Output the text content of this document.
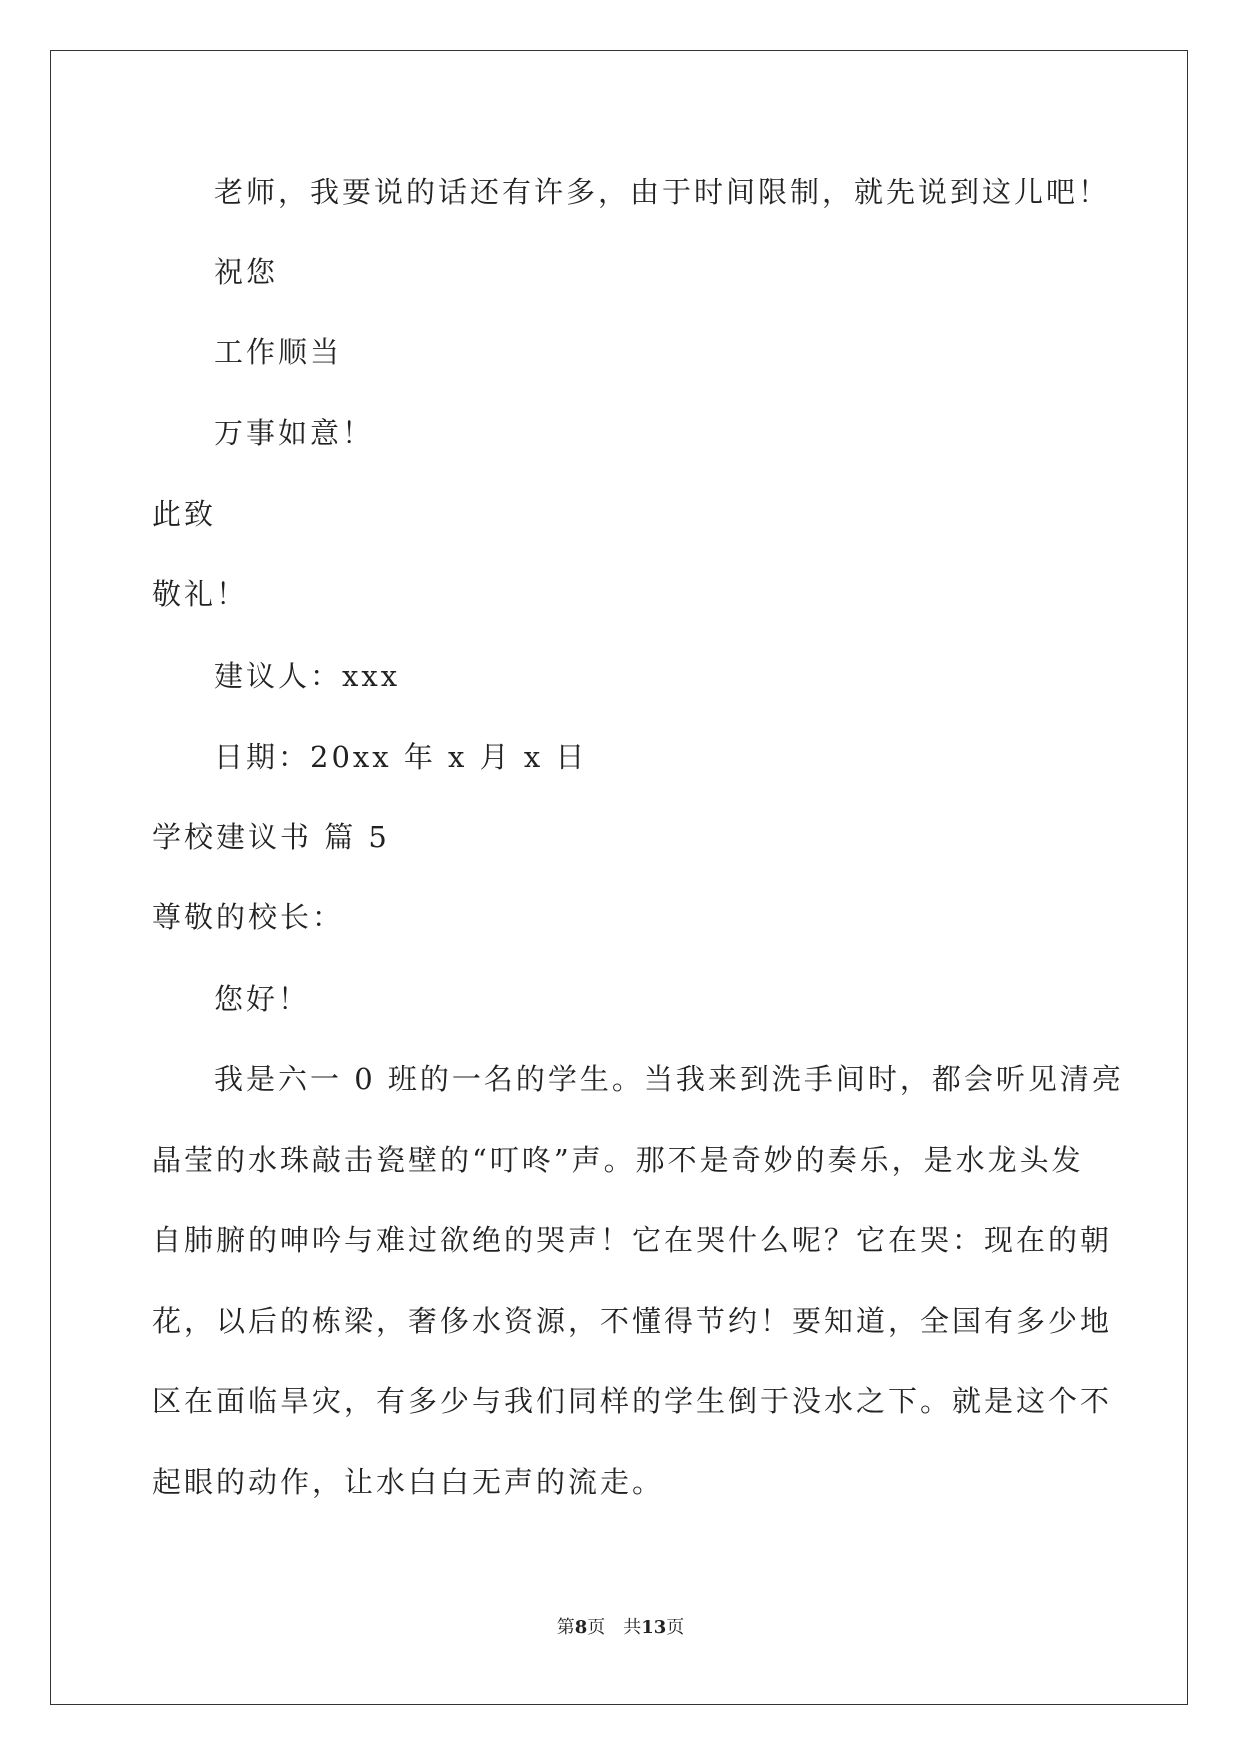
老师，我要说的话还有许多，由于时间限制，就先说到这儿吧！
祝您
工作顺当
万事如意！
此致
敬礼！
建议人：xxx
日期：20xx 年 x 月 x 日
学校建议书 篇 5
尊敬的校长：
您好！
我是六一 0 班的一名的学生。当我来到洗手间时，都会听见清亮
晶莹的水珠敲击瓷壁的“叮咚”声。那不是奇妙的奏乐，是水龙头发
自肺腑的呻吟与难过欲绝的哭声！它在哭什么呢？它在哭：现在的朝
花，以后的栋梁，奢侈水资源，不懂得节约！要知道，全国有多少地
区在面临旱灾，有多少与我们同样的学生倒于没水之下。就是这个不
起眼的动作，让水白白无声的流走。
第8页　共13页
